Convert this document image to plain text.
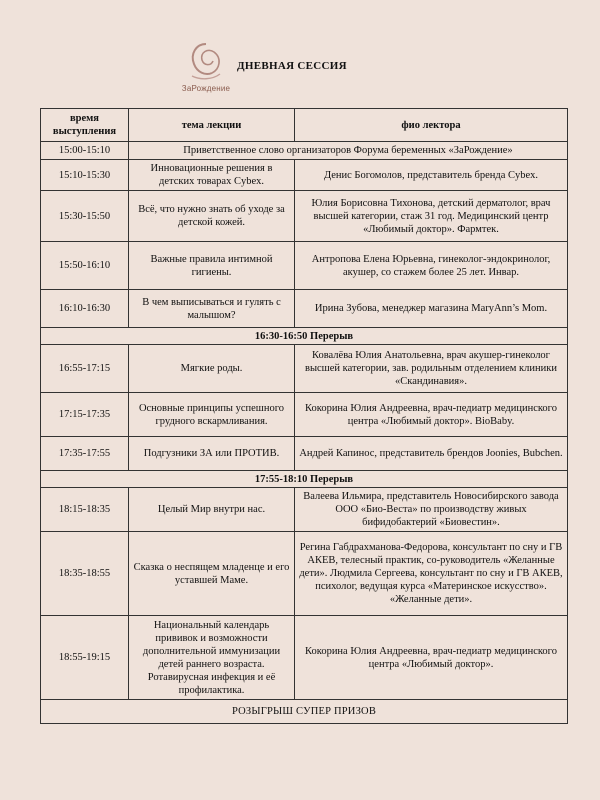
ЗаРождение
ДНЕВНАЯ СЕССИЯ
время выступления	тема лекции	фио лектора
15:00-15:10	Приветственное слово организаторов Форума беременных «ЗаРождение»	
15:10-15:30	Инновационные решения в детских товарах Cybex.	Денис Богомолов, представитель бренда Cybex.
15:30-15:50	Всё, что нужно знать об уходе за детской кожей.	Юлия Борисовна Тихонова, детский дерматолог, врач высшей категории, стаж 31 год. Медицинский центр «Любимый доктор». Фармтек.
15:50-16:10	Важные правила интимной гигиены.	Антропова Елена Юрьевна, гинеколог-эндокринолог, акушер, со стажем более 25 лет. Инвар.
16:10-16:30	В чем выписываться и гулять с малышом?	Ирина Зубова, менеджер магазина MaryAnn’s Mom.
16:30-16:50 Перерыв		
16:55-17:15	Мягкие роды.	Ковалёва Юлия Анатольевна, врач акушер-гинеколог высшей категории, зав. родильным отделением клиники «Скандинавия».
17:15-17:35	Основные принципы успешного грудного вскармливания.	Кокорина Юлия Андреевна, врач-педиатр медицинского центра «Любимый доктор». BioBaby.
17:35-17:55	Подгузники ЗА или ПРОТИВ.	Андрей Капинос, представитель брендов Joonies, Bubchen.
17:55-18:10 Перерыв		
18:15-18:35	Целый Мир внутри нас.	Валеева Ильмира, представитель Новосибирского завода ООО «Био-Веста» по производству живых бифидобактерий «Биовестин».
18:35-18:55	Сказка о неспящем младенце и его уставшей Маме.	Регина Габдрахманова-Федорова, консультант по сну и ГВ АКЕВ, телесный практик, со-руководитель «Желанные дети». Людмила Сергеева, консультант по сну и ГВ АКЕВ, психолог, ведущая курса «Материнское искусство». «Желанные дети».
18:55-19:15	Национальный календарь прививок и возможности дополнительной иммунизации детей раннего возраста. Ротавирусная инфекция и её профилактика.	Кокорина Юлия Андреевна, врач-педиатр медицинского центра «Любимый доктор».
РОЗЫГРЫШ СУПЕР ПРИЗОВ		
